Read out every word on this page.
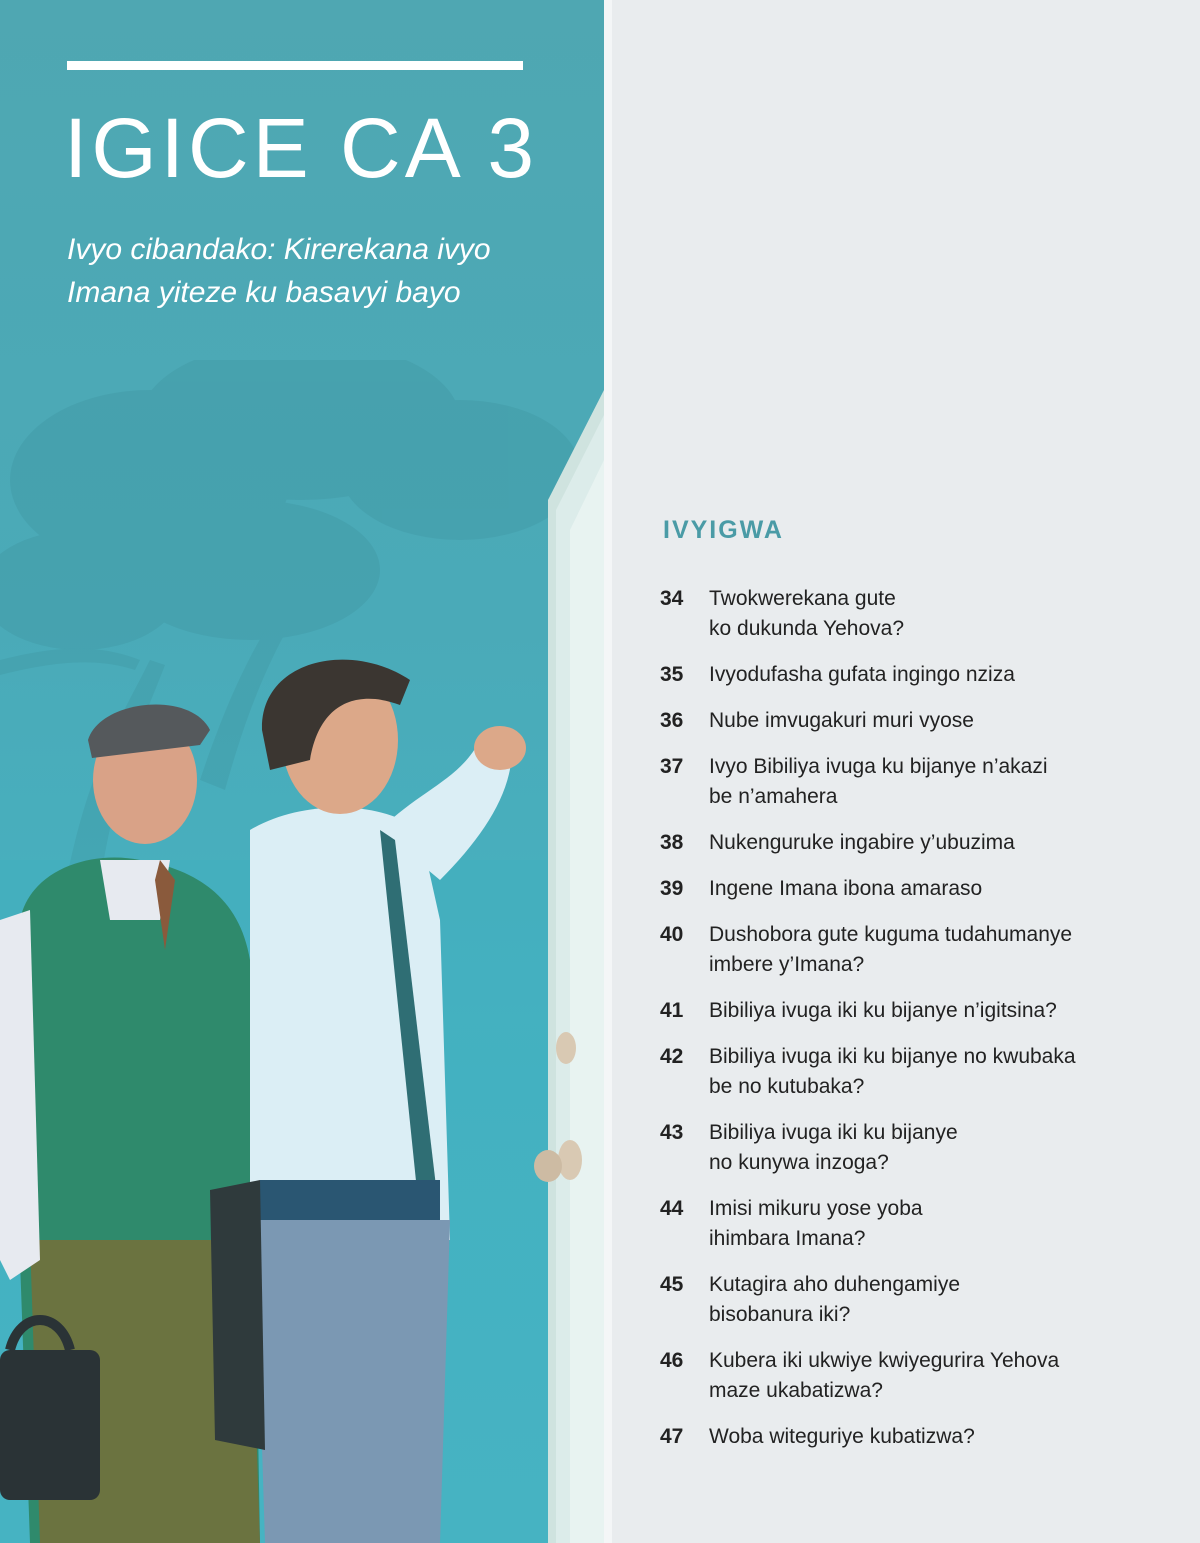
IGICE CA 3
Ivyo cibandako: Kirerekana ivyo
Imana yiteze ku basavyi bayo
IVYIGWA
34	Twokwerekana gute
ko dukunda Yehova?
35	Ivyodufasha gufata ingingo nziza
36	Nube imvugakuri muri vyose
37	Ivyo Bibiliya ivuga ku bijanye n’akazi
be n’amahera
38	Nukenguruke ingabire y’ubuzima
39	Ingene Imana ibona amaraso
40	Dushobora gute kuguma tudahumanye
imbere y’Imana?
41	Bibiliya ivuga iki ku bijanye n’igitsina?
42	Bibiliya ivuga iki ku bijanye no kwubaka
be no kutubaka?
43	Bibiliya ivuga iki ku bijanye
no kunywa inzoga?
44	Imisi mikuru yose yoba
ihimbara Imana?
45	Kutagira aho duhengamiye
bisobanura iki?
46	Kubera iki ukwiye kwiyegurira Yehova
maze ukabatizwa?
47	Woba witeguriye kubatizwa?
